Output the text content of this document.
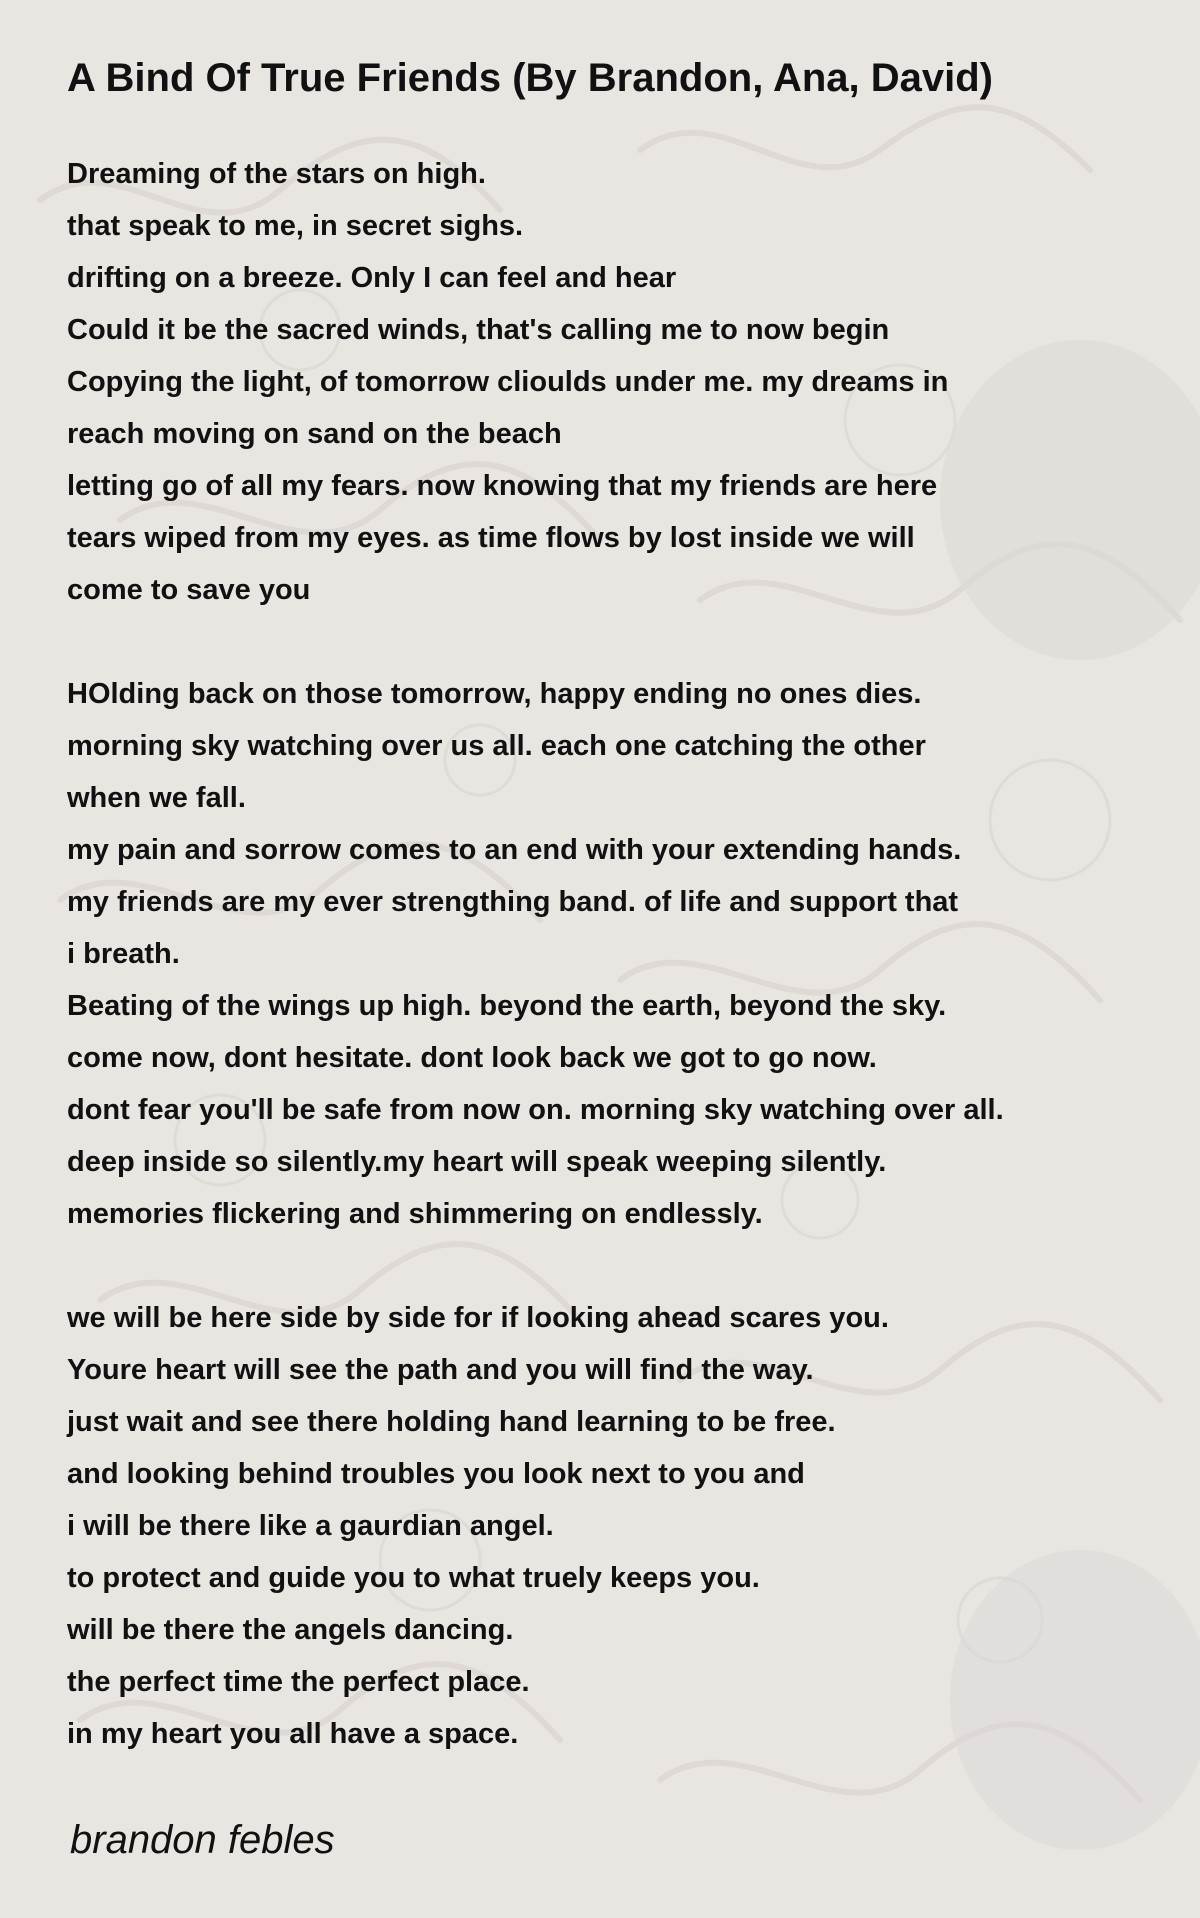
A Bind Of True Friends (By Brandon, Ana, David)
Dreaming of the stars on high.
that speak to me, in secret sighs.
drifting on a breeze. Only I can feel and hear
Could it be the sacred winds, that's calling me to now begin
Copying the light, of tomorrow clioulds under me. my dreams in
reach moving on sand on the beach
letting go of all my fears. now knowing that my friends are here
tears wiped from my eyes. as time flows by lost inside we will
come to save you
HOlding back on those tomorrow, happy ending no ones dies.
morning sky watching over us all. each one catching the other
when we fall.
my pain and sorrow comes to an end with your extending hands.
my friends are my ever strengthing band. of life and support that
i breath.
Beating of the wings up high. beyond the earth, beyond the sky.
come now, dont hesitate. dont look back we got to go now.
dont fear you'll be safe from now on. morning sky watching over all.
deep inside so silently.my heart will speak weeping silently.
memories flickering and shimmering on endlessly.
we will be here side by side for if looking ahead scares you.
Youre heart will see the path and you will find the way.
just wait and see there holding hand learning to be free.
and looking behind troubles you look next to you and
i will be there like a gaurdian angel.
to protect and guide you to what truely keeps you.
will be there the angels dancing.
the perfect time the perfect place.
in my heart you all have a space.

brandon febles
